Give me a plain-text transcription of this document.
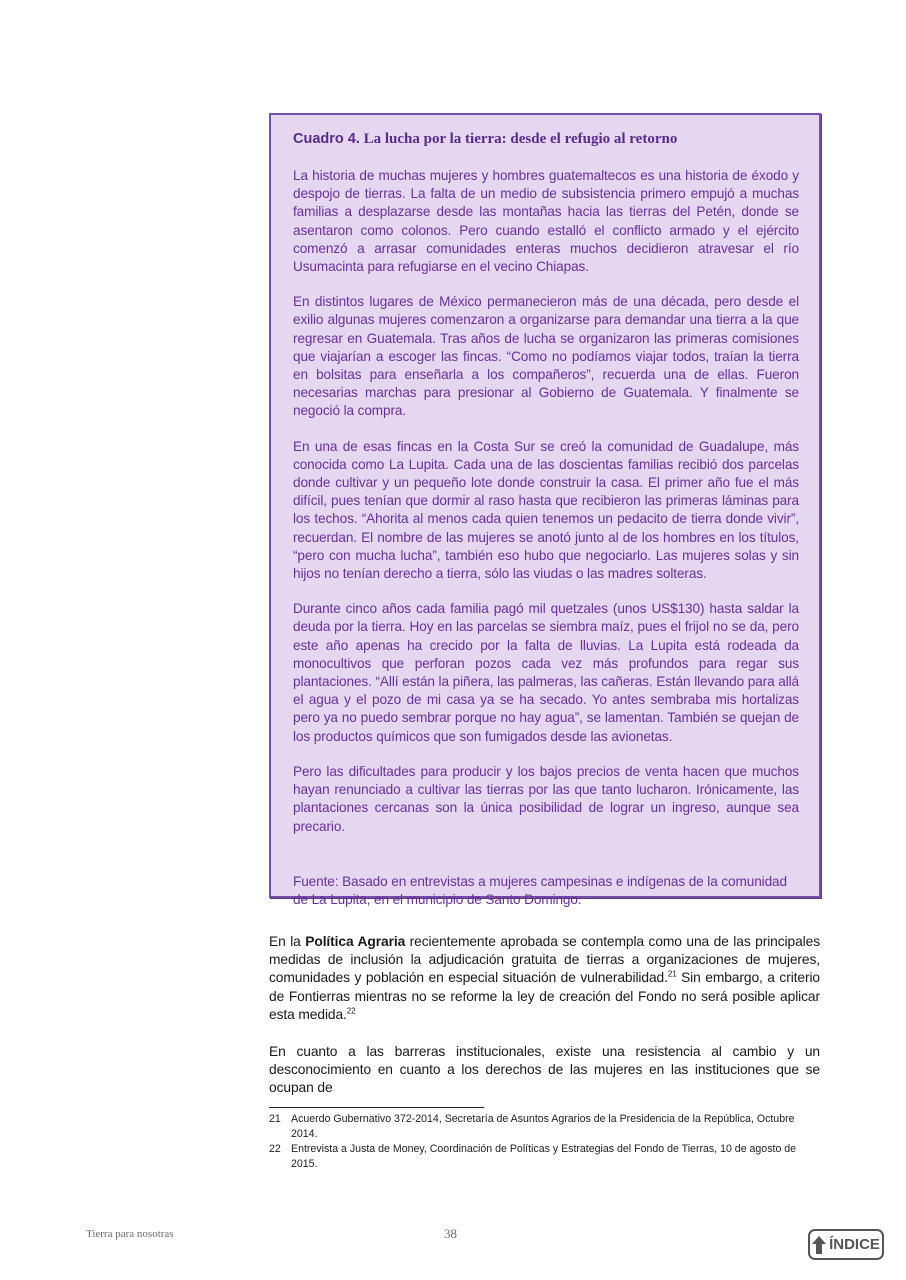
Cuadro 4. La lucha por la tierra: desde el refugio al retorno

La historia de muchas mujeres y hombres guatemaltecos es una historia de éxodo y despojo de tierras. La falta de un medio de subsistencia primero empujó a muchas familias a desplazarse desde las montañas hacia las tierras del Petén, donde se asentaron como colonos. Pero cuando estalló el conflicto armado y el ejército comenzó a arrasar comunidades enteras muchos decidieron atravesar el río Usumacinta para refugiarse en el vecino Chiapas.

En distintos lugares de México permanecieron más de una década, pero desde el exilio algunas mujeres comenzaron a organizarse para demandar una tierra a la que regresar en Guatemala. Tras años de lucha se organizaron las primeras comisiones que viajarían a escoger las fincas. “Como no podíamos viajar todos, traían la tierra en bolsitas para enseñarla a los compañeros”, recuerda una de ellas. Fueron necesarias marchas para presionar al Gobierno de Guatemala. Y finalmente se negoció la compra.

En una de esas fincas en la Costa Sur se creó la comunidad de Guadalupe, más conocida como La Lupita. Cada una de las doscientas familias recibió dos parcelas donde cultivar y un pequeño lote donde construir la casa. El primer año fue el más difícil, pues tenían que dormir al raso hasta que recibieron las primeras láminas para los techos. “Ahorita al menos cada quien tenemos un pedacito de tierra donde vivir”, recuerdan. El nombre de las mujeres se anotó junto al de los hombres en los títulos, “pero con mucha lucha”, también eso hubo que negociarlo. Las mujeres solas y sin hijos no tenían derecho a tierra, sólo las viudas o las madres solteras.

Durante cinco años cada familia pagó mil quetzales (unos US$130) hasta saldar la deuda por la tierra. Hoy en las parcelas se siembra maíz, pues el frijol no se da, pero este año apenas ha crecido por la falta de lluvias. La Lupita está rodeada da monocultivos que perforan pozos cada vez más profundos para regar sus plantaciones. “Allí están la piñera, las palmeras, las cañeras. Están llevando para allá el agua y el pozo de mi casa ya se ha secado. Yo antes sembraba mis hortalizas pero ya no puedo sembrar porque no hay agua”, se lamentan. También se quejan de los productos químicos que son fumigados desde las avionetas.

Pero las dificultades para producir y los bajos precios de venta hacen que muchos hayan renunciado a cultivar las tierras por las que tanto lucharon. Irónicamente, las plantaciones cercanas son la única posibilidad de lograr un ingreso, aunque sea precario.

Fuente: Basado en entrevistas a mujeres campesinas e indígenas de la comunidad de La Lupita, en el municipio de Santo Domingo.

En la Política Agraria recientemente aprobada se contempla como una de las principales medidas de inclusión la adjudicación gratuita de tierras a organizaciones de mujeres, comunidades y población en especial situación de vulnerabilidad.$^{21}$ Sin embargo, a criterio de Fontierras mientras no se reforme la ley de creación del Fondo no será posible aplicar esta medida.$^{22}$

En cuanto a las barreras institucionales, existe una resistencia al cambio y un desconocimiento en cuanto a los derechos de las mujeres en las instituciones que se ocupan de

21 Acuerdo Gubernativo 372-2014, Secretaría de Asuntos Agrarios de la Presidencia de la República, Octubre 2014.
22 Entrevista a Justa de Money, Coordinación de Políticas y Estrategias del Fondo de Tierras, 10 de agosto de 2015.
Tierra para nosotras	38
ÍNDICE
